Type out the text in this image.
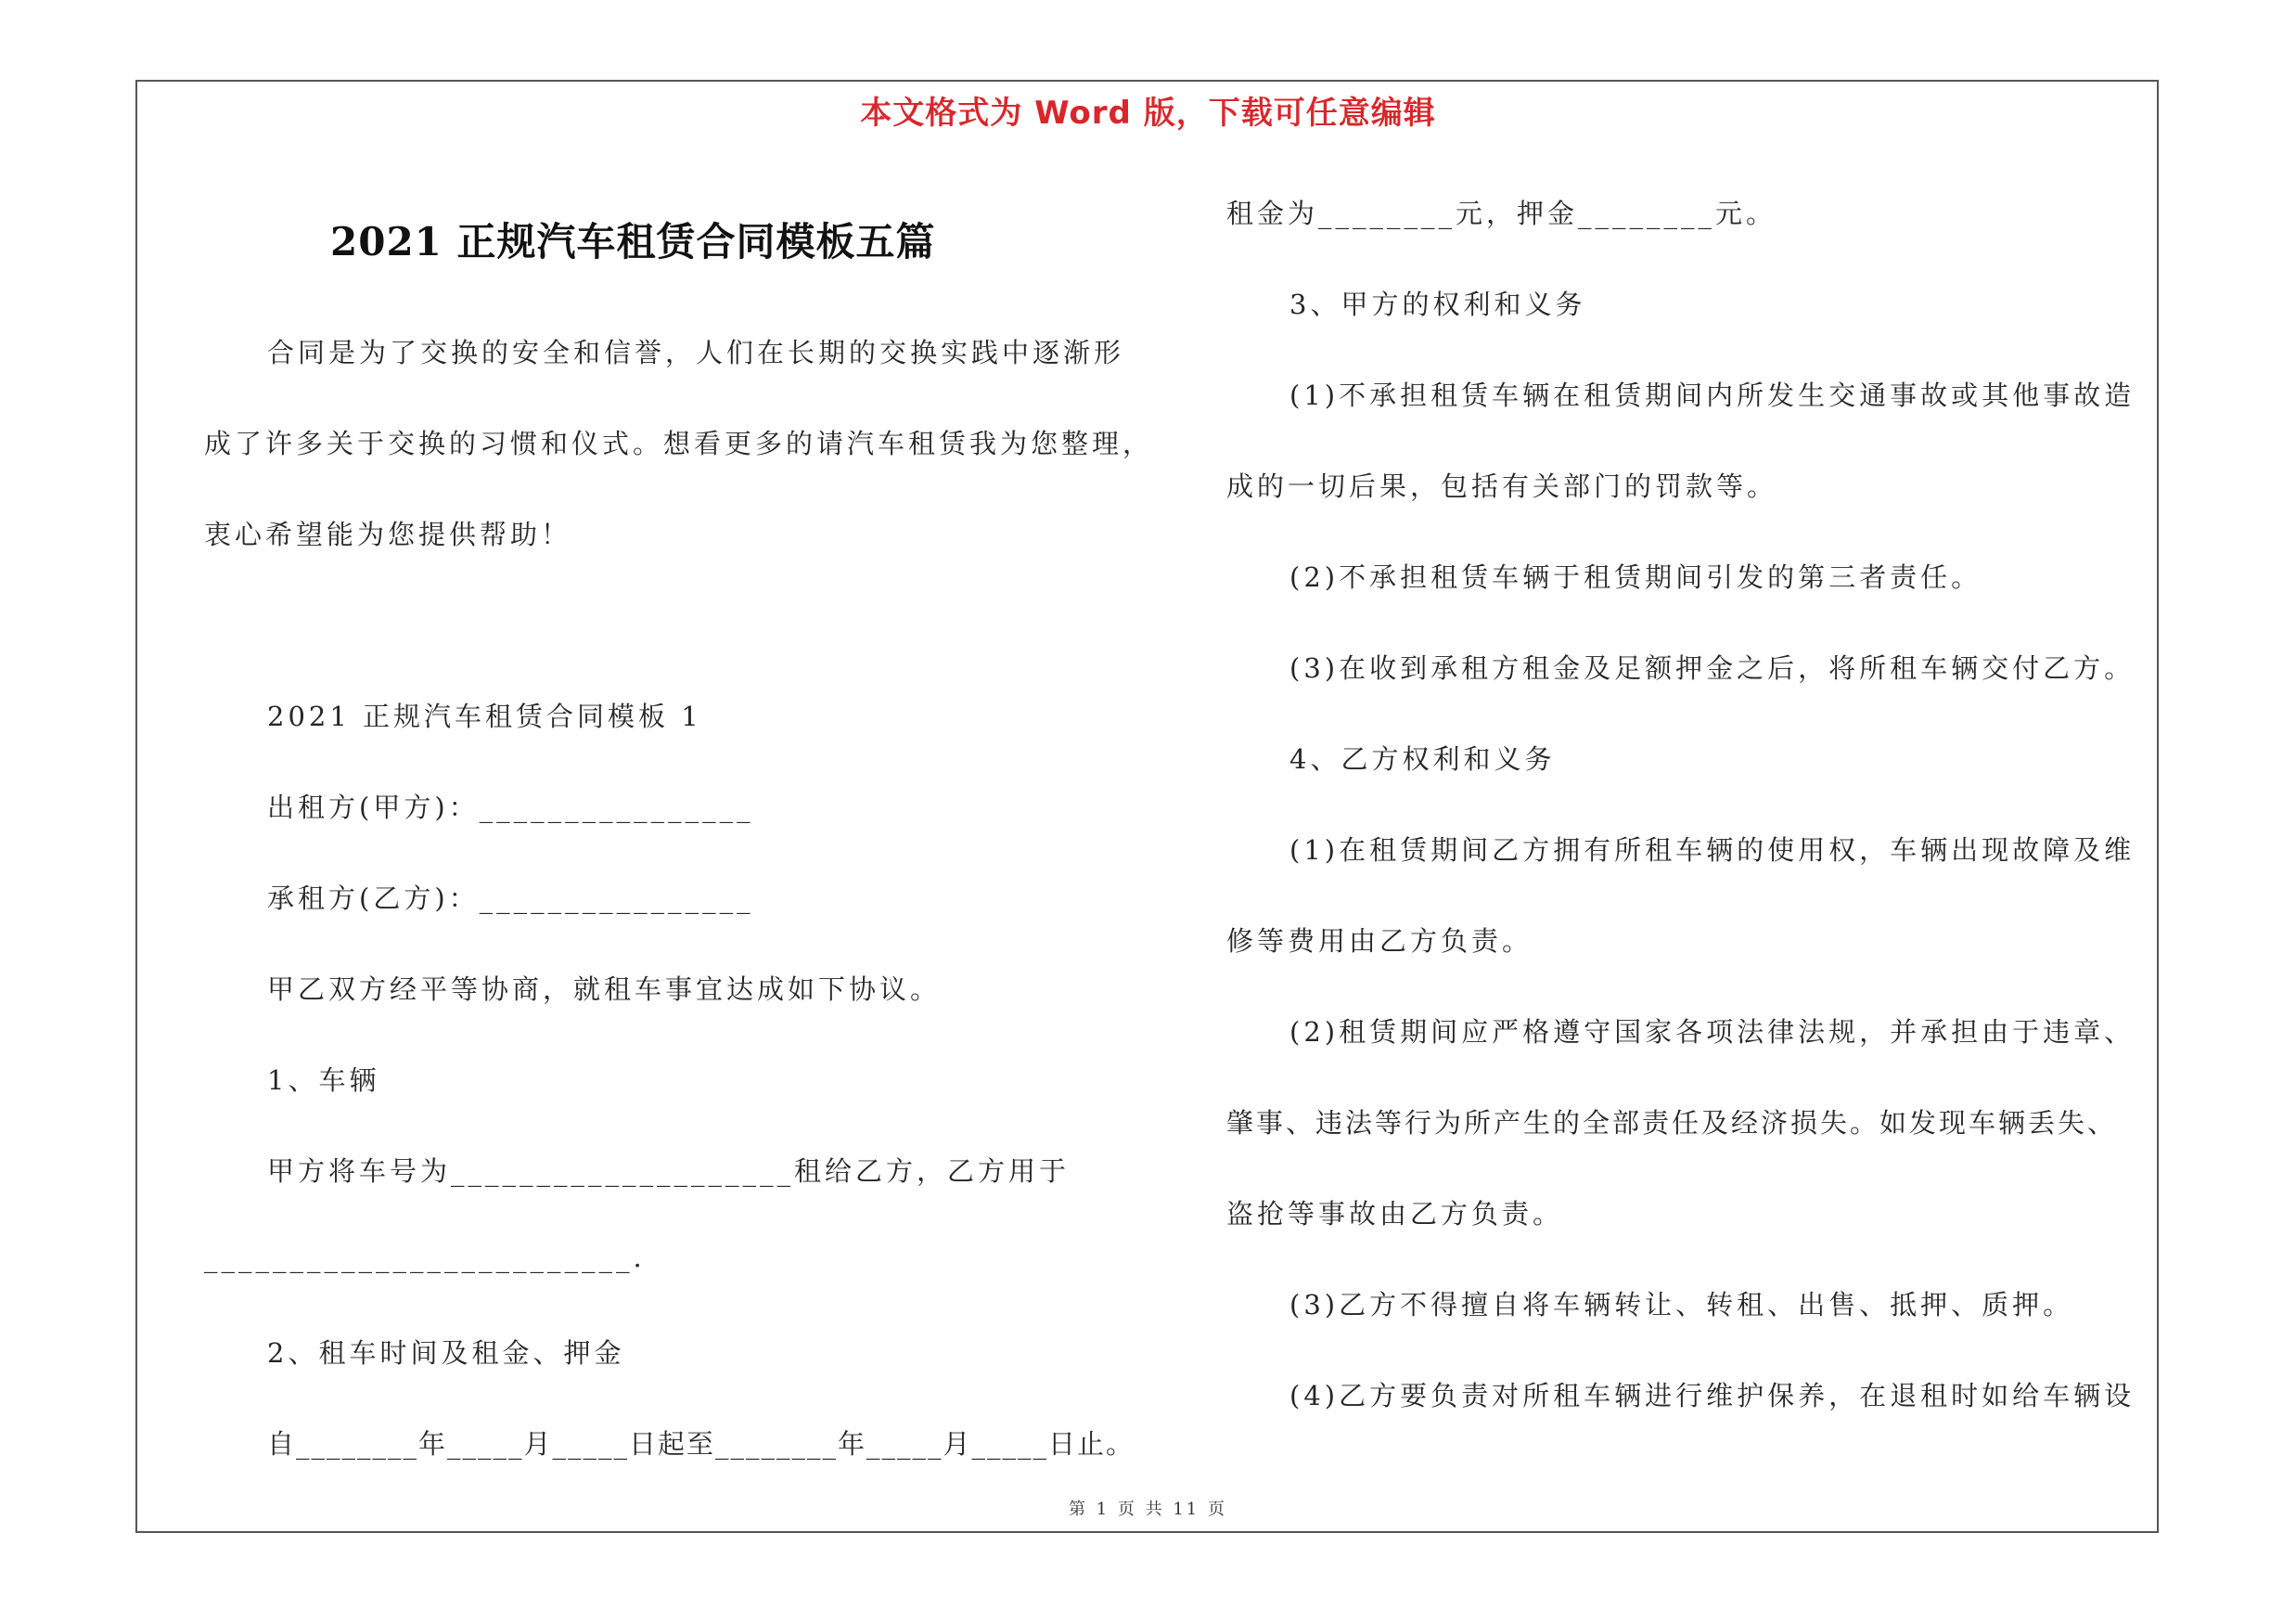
本文格式为 Word 版，下载可任意编辑
2021 正规汽车租赁合同模板五篇
合同是为了交换的安全和信誉，人们在长期的交换实践中逐渐形
成了许多关于交换的习惯和仪式。想看更多的请汽车租赁我为您整理，
衷心希望能为您提供帮助！
2021 正规汽车租赁合同模板 1
出租方(甲方)：________________
承租方(乙方)：________________
甲乙双方经平等协商，就租车事宜达成如下协议。
1、车辆
甲方将车号为____________________租给乙方，乙方用于
_________________________.
2、租车时间及租金、押金
自________年_____月_____日起至________年_____月_____日止。
租金为________元，押金________元。
3、甲方的权利和义务
(1)不承担租赁车辆在租赁期间内所发生交通事故或其他事故造
成的一切后果，包括有关部门的罚款等。
(2)不承担租赁车辆于租赁期间引发的第三者责任。
(3)在收到承租方租金及足额押金之后，将所租车辆交付乙方。
4、乙方权利和义务
(1)在租赁期间乙方拥有所租车辆的使用权，车辆出现故障及维
修等费用由乙方负责。
(2)租赁期间应严格遵守国家各项法律法规，并承担由于违章、
肇事、违法等行为所产生的全部责任及经济损失。如发现车辆丢失、
盗抢等事故由乙方负责。
(3)乙方不得擅自将车辆转让、转租、出售、抵押、质押。
(4)乙方要负责对所租车辆进行维护保养，在退租时如给车辆设
第 1 页 共 11 页
